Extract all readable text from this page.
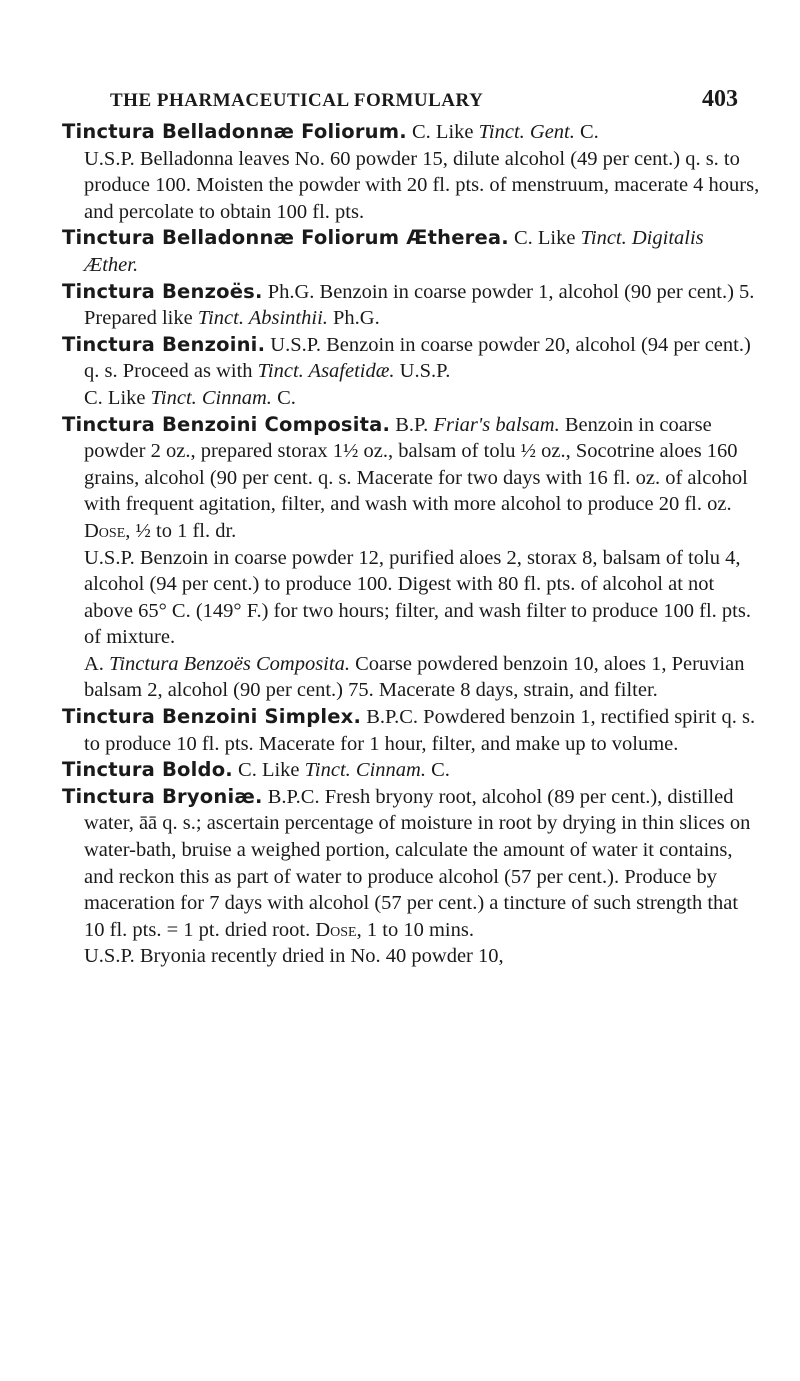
THE PHARMACEUTICAL FORMULARY	403

Tinctura Belladonnæ Foliorum. C. Like Tinct. Gent. C.

U.S.P. Belladonna leaves No. 60 powder 15, dilute alcohol (49 per cent.) q. s. to produce 100. Moisten the powder with 20 fl. pts. of menstruum, macerate 4 hours, and percolate to obtain 100 fl. pts.

Tinctura Belladonnæ Foliorum Ætherea. C. Like Tinct. Digitalis Æther.

Tinctura Benzoës. Ph.G. Benzoin in coarse powder 1, alcohol (90 per cent.) 5. Prepared like Tinct. Absinthii. Ph.G.

Tinctura Benzoini. U.S.P. Benzoin in coarse powder 20, alcohol (94 per cent.) q. s. Proceed as with Tinct. Asafetidæ. U.S.P.

C. Like Tinct. Cinnam. C.

Tinctura Benzoini Composita. B.P. Friar's balsam. Benzoin in coarse powder 2 oz., prepared storax 1½ oz., balsam of tolu ½ oz., Socotrine aloes 160 grains, alcohol (90 per cent. q. s. Macerate for two days with 16 fl. oz. of alcohol with frequent agitation, filter, and wash with more alcohol to produce 20 fl. oz. Dose, ½ to 1 fl. dr.

U.S.P. Benzoin in coarse powder 12, purified aloes 2, storax 8, balsam of tolu 4, alcohol (94 per cent.) to produce 100. Digest with 80 fl. pts. of alcohol at not above 65° C. (149° F.) for two hours; filter, and wash filter to produce 100 fl. pts. of mixture.

A. Tinctura Benzoës Composita. Coarse powdered benzoin 10, aloes 1, Peruvian balsam 2, alcohol (90 per cent.) 75. Macerate 8 days, strain, and filter.

Tinctura Benzoini Simplex. B.P.C. Powdered benzoin 1, rectified spirit q. s. to produce 10 fl. pts. Macerate for 1 hour, filter, and make up to volume.

Tinctura Boldo. C. Like Tinct. Cinnam. C.

Tinctura Bryoniæ. B.P.C. Fresh bryony root, alcohol (89 per cent.), distilled water, āā q. s.; ascertain percentage of moisture in root by drying in thin slices on water-bath, bruise a weighed portion, calculate the amount of water it contains, and reckon this as part of water to produce alcohol (57 per cent.). Produce by maceration for 7 days with alcohol (57 per cent.) a tincture of such strength that 10 fl. pts. = 1 pt. dried root. Dose, 1 to 10 mins.

U.S.P. Bryonia recently dried in No. 40 powder 10,
